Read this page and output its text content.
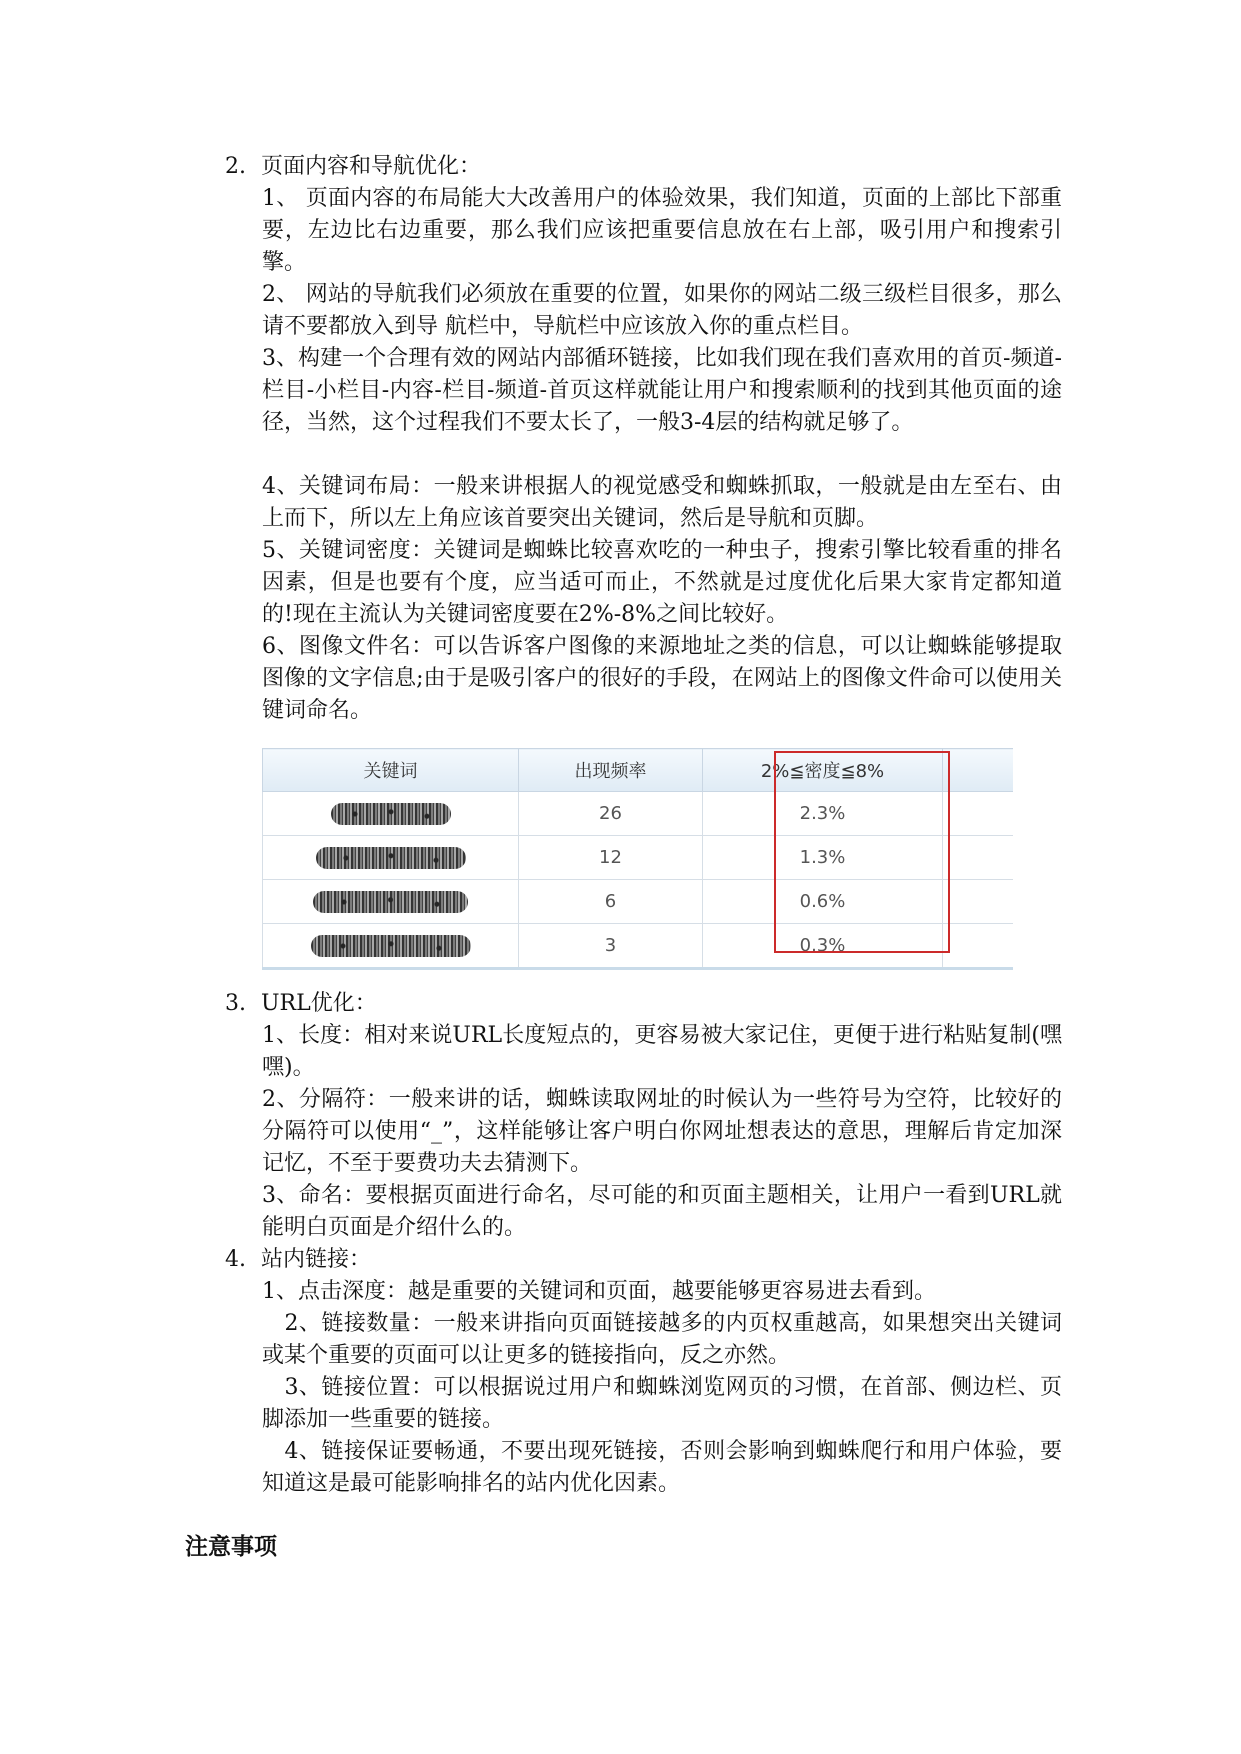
2. 页面内容和导航优化：
1、 页面内容的布局能大大改善用户的体验效果，我们知道，页面的上部比下部重要，左边比右边重要，那么我们应该把重要信息放在右上部，吸引用户和搜索引擎。
2、 网站的导航我们必须放在重要的位置，如果你的网站二级三级栏目很多，那么请不要都放入到导 航栏中，导航栏中应该放入你的重点栏目。
3、构建一个合理有效的网站内部循环链接，比如我们现在我们喜欢用的首页-频道-栏目-小栏目-内容-栏目-频道-首页这样就能让用户和搜索顺利的找到其他页面的途径，当然，这个过程我们不要太长了，一般3-4层的结构就足够了。
4、关键词布局：一般来讲根据人的视觉感受和蜘蛛抓取，一般就是由左至右、由上而下，所以左上角应该首要突出关键词，然后是导航和页脚。
5、关键词密度：关键词是蜘蛛比较喜欢吃的一种虫子，搜索引擎比较看重的排名因素，但是也要有个度，应当适可而止，不然就是过度优化后果大家肯定都知道的!现在主流认为关键词密度要在2%-8%之间比较好。
6、图像文件名：可以告诉客户图像的来源地址之类的信息，可以让蜘蛛能够提取图像的文字信息;由于是吸引客户的很好的手段，在网站上的图像文件命可以使用关键词命名。
关键词	出现频率	2%≦密度≦8%	
	26	2.3%	
	12	1.3%	
	6	0.6%	
	3	0.3%	
3. URL优化：
1、长度：相对来说URL长度短点的，更容易被大家记住，更便于进行粘贴复制(嘿嘿)。
2、分隔符：一般来讲的话，蜘蛛读取网址的时候认为一些符号为空符，比较好的分隔符可以使用“_”，这样能够让客户明白你网址想表达的意思，理解后肯定加深记忆，不至于要费功夫去猜测下。
3、命名：要根据页面进行命名，尽可能的和页面主题相关，让用户一看到URL就能明白页面是介绍什么的。
4. 站内链接：
1、点击深度：越是重要的关键词和页面，越要能够更容易进去看到。
　2、链接数量：一般来讲指向页面链接越多的内页权重越高，如果想突出关键词或某个重要的页面可以让更多的链接指向，反之亦然。
　3、链接位置：可以根据说过用户和蜘蛛浏览网页的习惯，在首部、侧边栏、页脚添加一些重要的链接。
　4、链接保证要畅通，不要出现死链接，否则会影响到蜘蛛爬行和用户体验，要知道这是最可能影响排名的站内优化因素。
注意事项
